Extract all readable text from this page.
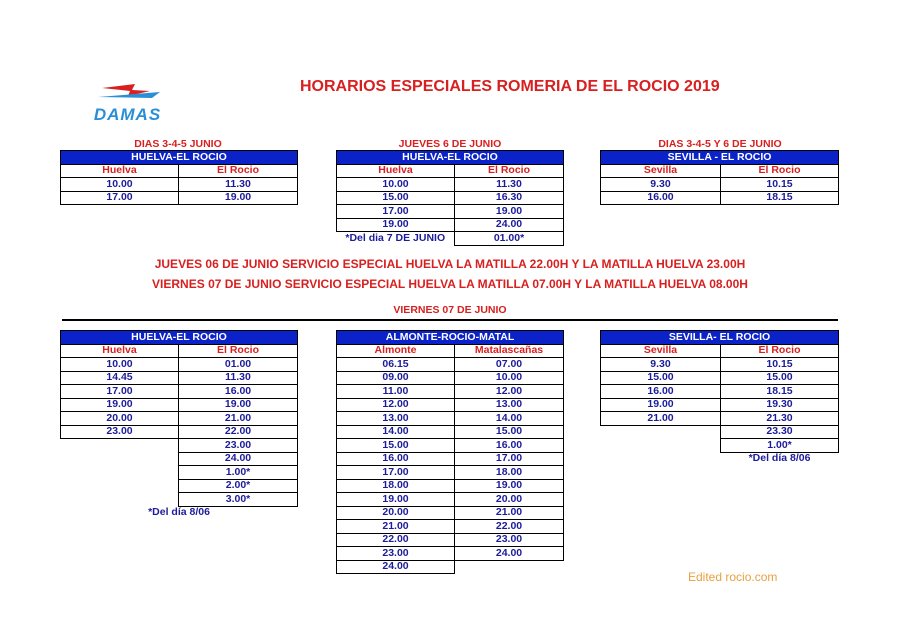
DAMAS
HORARIOS ESPECIALES ROMERIA DE EL ROCIO 2019
DIAS 3-4-5 JUNIO
HUELVA-EL ROCIO	
Huelva	El Rocio
10.00	11.30
17.00	19.00
JUEVES 6 DE JUNIO
HUELVA-EL ROCIO	
Huelva	El Rocio
10.00	11.30
15.00	16.30
17.00	19.00
19.00	24.00
*Del dia 7 DE JUNIO	01.00*
DIAS 3-4-5 Y 6 DE JUNIO
SEVILLA - EL ROCIO	
Sevilla	El Rocio
9.30	10.15
16.00	18.15
JUEVES 06 DE JUNIO SERVICIO ESPECIAL HUELVA LA MATILLA 22.00H Y LA MATILLA HUELVA 23.00H
VIERNES 07 DE JUNIO SERVICIO ESPECIAL HUELVA LA MATILLA 07.00H Y LA MATILLA HUELVA 08.00H
VIERNES 07 DE JUNIO
HUELVA-EL ROCIO	
Huelva	El Rocio
10.00	01.00
14.45	11.30
17.00	16.00
19.00	19.00
20.00	21.00
23.00	22.00
	23.00
	24.00
	1.00*
	2.00*
	3.00*
*Del día 8/06	
ALMONTE-ROCIO-MATAL	
Almonte	Matalascañas
06.15	07.00
09.00	10.00
11.00	12.00
12.00	13.00
13.00	14.00
14.00	15.00
15.00	16.00
16.00	17.00
17.00	18.00
18.00	19.00
19.00	20.00
20.00	21.00
21.00	22.00
22.00	23.00
23.00	24.00
24.00	
SEVILLA- EL ROCIO	
Sevilla	El Rocio
9.30	10.15
15.00	15.00
16.00	18.15
19.00	19.30
21.00	21.30
	23.30
	1.00*
	*Del día 8/06
Edited rocio.com
